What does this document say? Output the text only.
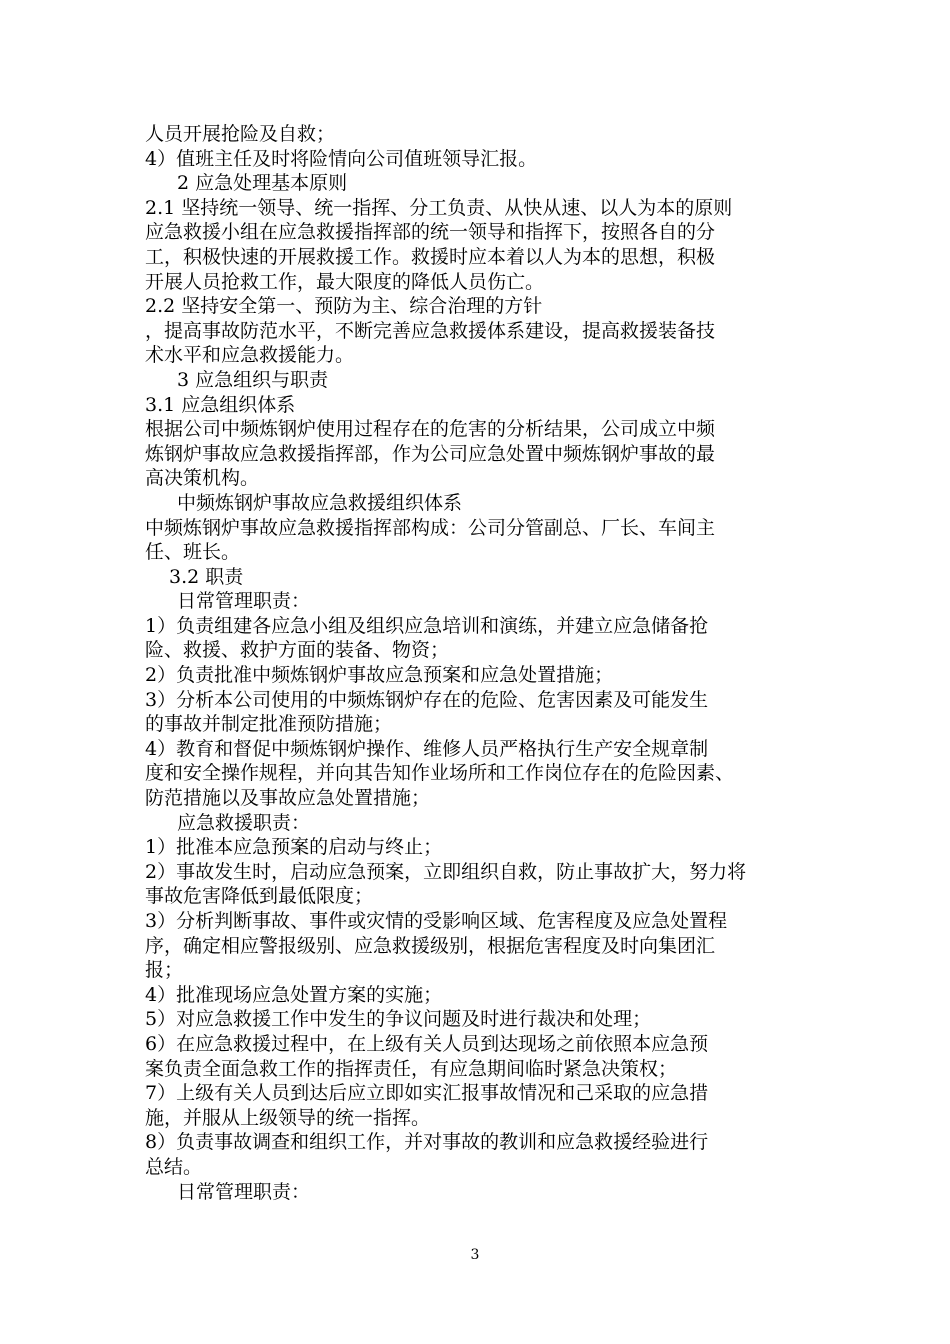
人员开展抢险及自救；

4）值班主任及时将险情向公司值班领导汇报。

2 应急处理基本原则

2.1 坚持统一领导、统一指挥、分工负责、从快从速、以人为本的原则

应急救援小组在应急救援指挥部的统一领导和指挥下，按照各自的分

工，积极快速的开展救援工作。救援时应本着以人为本的思想，积极

开展人员抢救工作，最大限度的降低人员伤亡。

2.2 坚持安全第一、预防为主、综合治理的方针

，提高事故防范水平，不断完善应急救援体系建设，提高救援装备技

术水平和应急救援能力。

3 应急组织与职责

3.1 应急组织体系

根据公司中频炼钢炉使用过程存在的危害的分析结果，公司成立中频

炼钢炉事故应急救援指挥部，作为公司应急处置中频炼钢炉事故的最

高决策机构。

中频炼钢炉事故应急救援组织体系

中频炼钢炉事故应急救援指挥部构成：公司分管副总、厂长、车间主

任、班长。

3.2 职责

日常管理职责：

1）负责组建各应急小组及组织应急培训和演练，并建立应急储备抢

险、救援、救护方面的装备、物资；

2）负责批准中频炼钢炉事故应急预案和应急处置措施；

3）分析本公司使用的中频炼钢炉存在的危险、危害因素及可能发生

的事故并制定批准预防措施；

4）教育和督促中频炼钢炉操作、维修人员严格执行生产安全规章制

度和安全操作规程，并向其告知作业场所和工作岗位存在的危险因素、

防范措施以及事故应急处置措施；

应急救援职责：

1）批准本应急预案的启动与终止；

2）事故发生时，启动应急预案，立即组织自救，防止事故扩大，努力将

事故危害降低到最低限度；

3）分析判断事故、事件或灾情的受影响区域、危害程度及应急处置程

序，确定相应警报级别、应急救援级别，根据危害程度及时向集团汇

报；

4）批准现场应急处置方案的实施；

5）对应急救援工作中发生的争议问题及时进行裁决和处理；

6）在应急救援过程中，在上级有关人员到达现场之前依照本应急预

案负责全面急救工作的指挥责任，有应急期间临时紧急决策权；

7）上级有关人员到达后应立即如实汇报事故情况和己采取的应急措

施，并服从上级领导的统一指挥。

8）负责事故调查和组织工作，并对事故的教训和应急救援经验进行

总结。

日常管理职责：

3
